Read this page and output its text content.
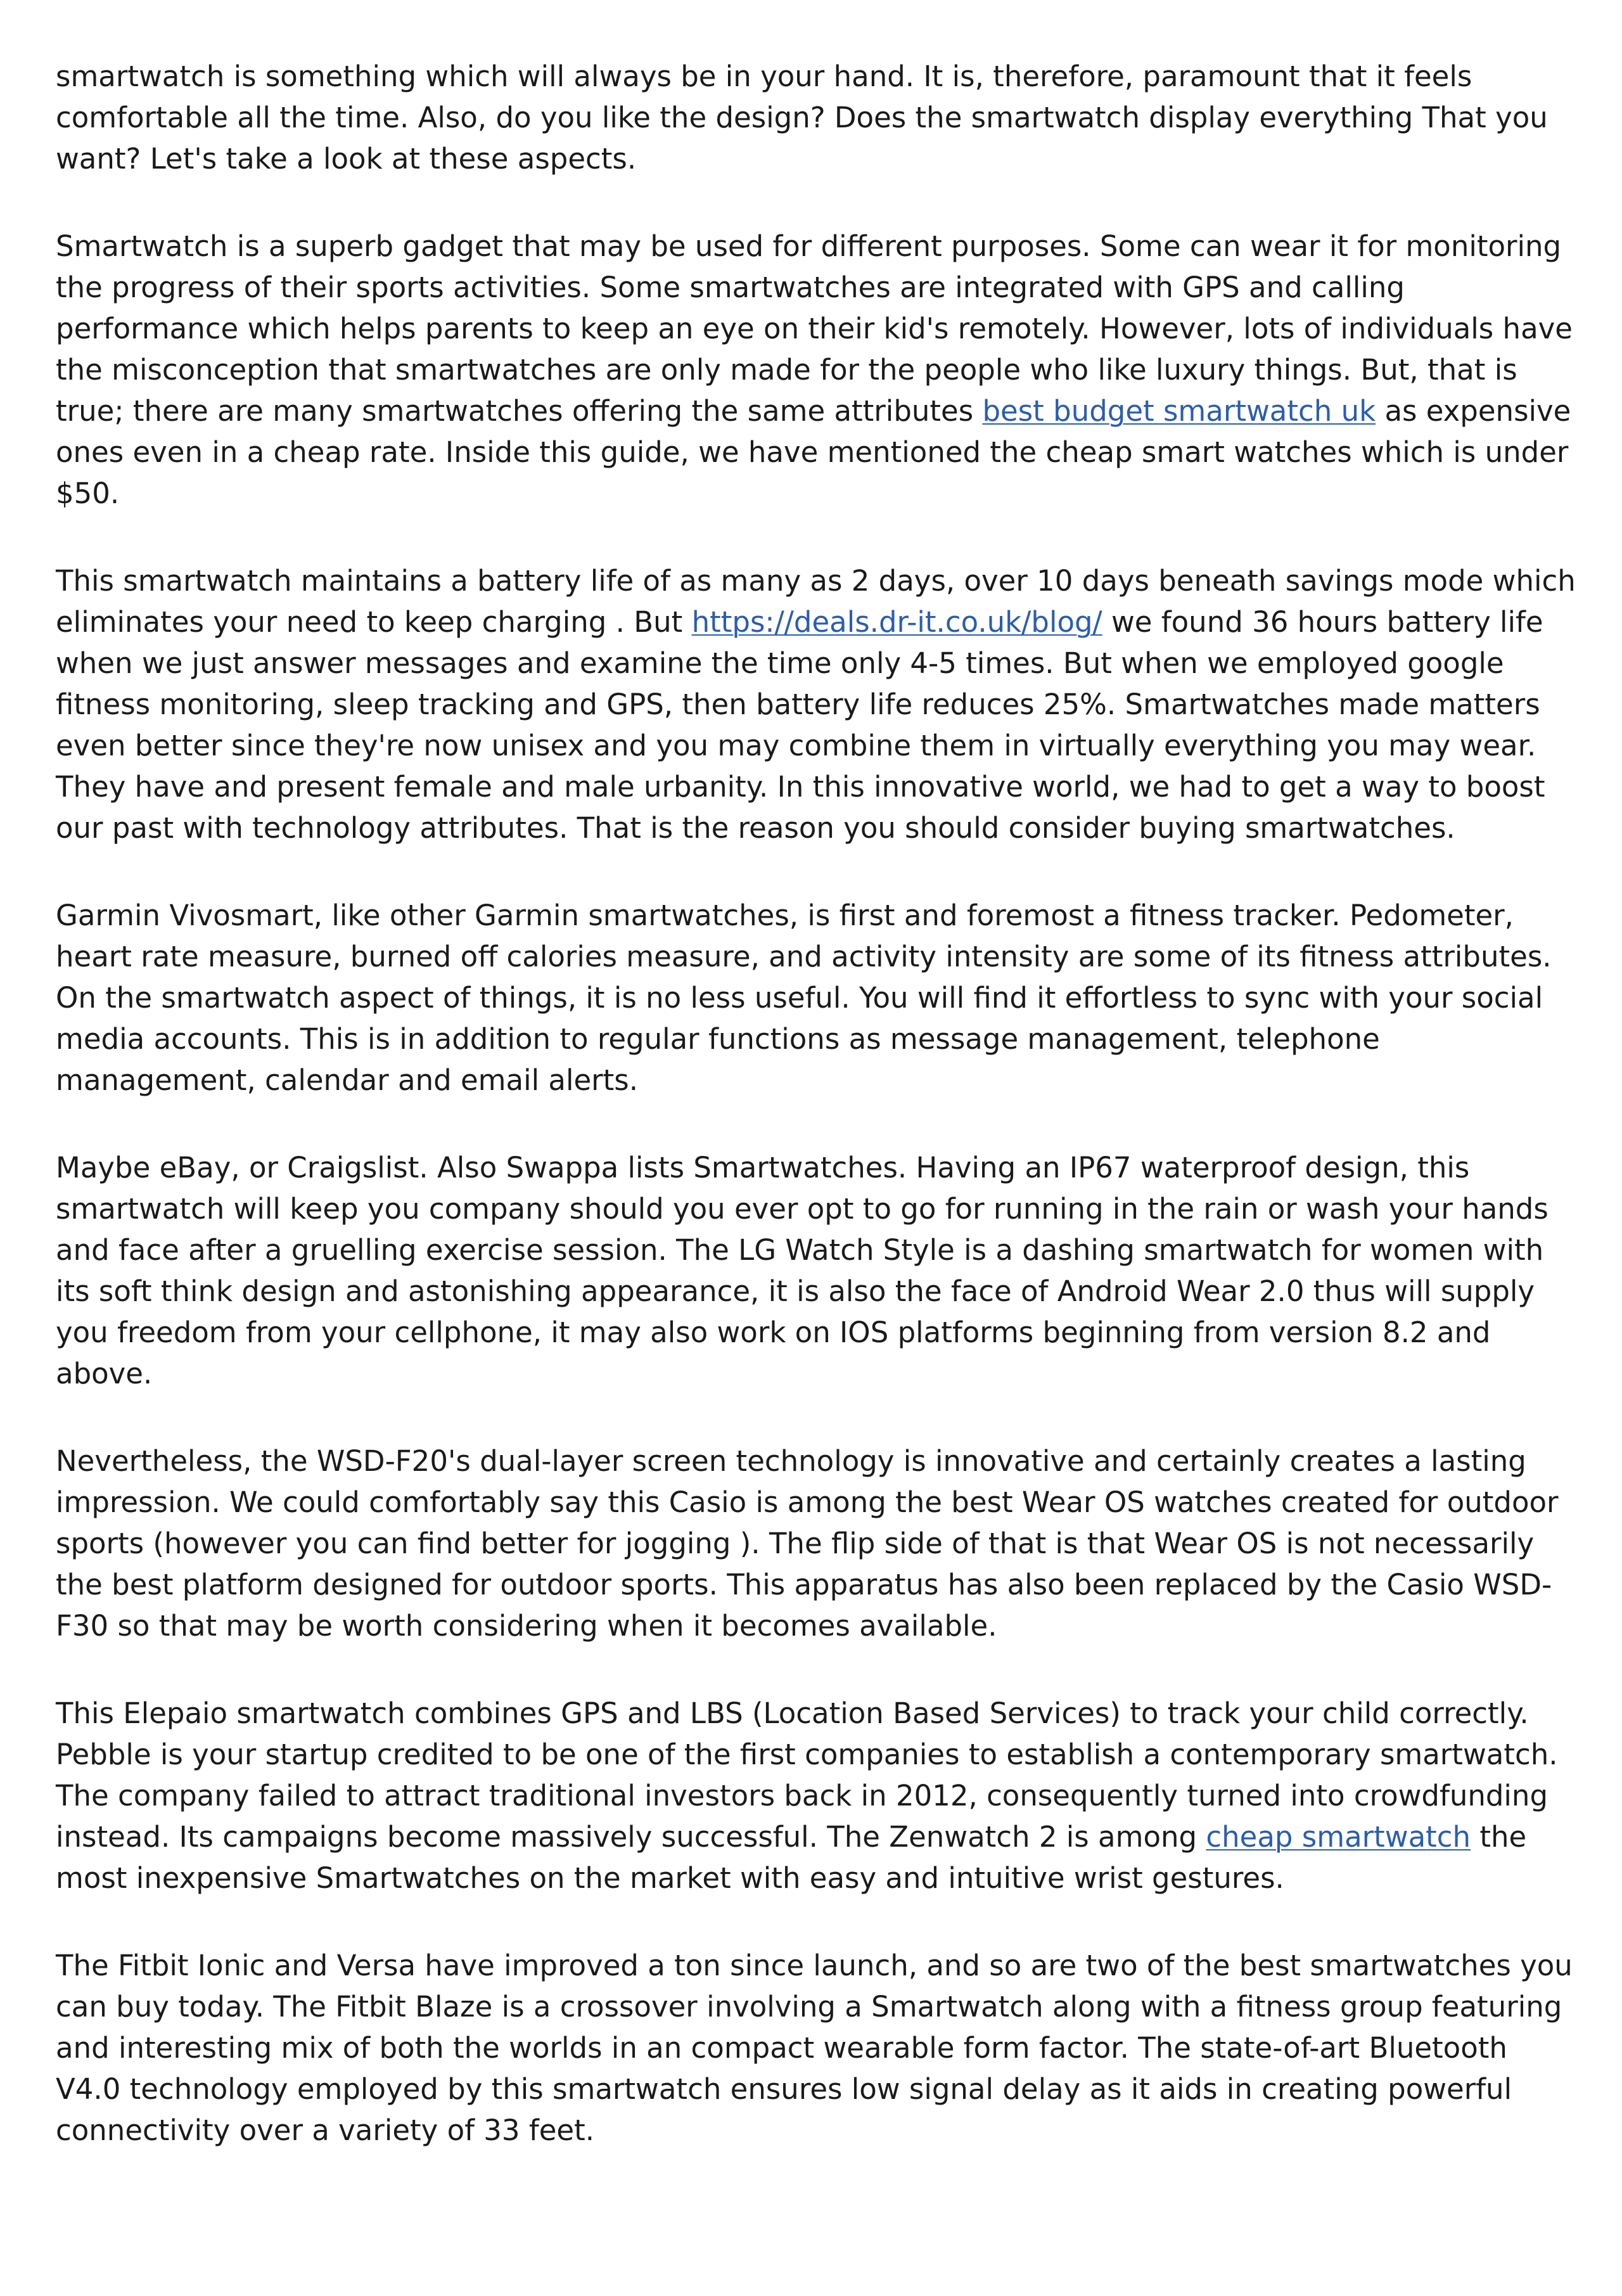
smartwatch is something which will always be in your hand. It is, therefore, paramount that it feels comfortable all the time. Also, do you like the design? Does the smartwatch display everything That you want? Let's take a look at these aspects.

Smartwatch is a superb gadget that may be used for different purposes. Some can wear it for monitoring the progress of their sports activities. Some smartwatches are integrated with GPS and calling performance which helps parents to keep an eye on their kid's remotely. However, lots of individuals have the misconception that smartwatches are only made for the people who like luxury things. But, that is true; there are many smartwatches offering the same attributes best budget smartwatch uk as expensive ones even in a cheap rate. Inside this guide, we have mentioned the cheap smart watches which is under $50.

This smartwatch maintains a battery life of as many as 2 days, over 10 days beneath savings mode which eliminates your need to keep charging . But https://deals.dr-it.co.uk/blog/ we found 36 hours battery life when we just answer messages and examine the time only 4-5 times. But when we employed google fitness monitoring, sleep tracking and GPS, then battery life reduces 25%. Smartwatches made matters even better since they're now unisex and you may combine them in virtually everything you may wear. They have and present female and male urbanity. In this innovative world, we had to get a way to boost our past with technology attributes. That is the reason you should consider buying smartwatches.

Garmin Vivosmart, like other Garmin smartwatches, is first and foremost a fitness tracker. Pedometer, heart rate measure, burned off calories measure, and activity intensity are some of its fitness attributes. On the smartwatch aspect of things, it is no less useful. You will find it effortless to sync with your social media accounts. This is in addition to regular functions as message management, telephone management, calendar and email alerts.

Maybe eBay, or Craigslist. Also Swappa lists Smartwatches. Having an IP67 waterproof design, this smartwatch will keep you company should you ever opt to go for running in the rain or wash your hands and face after a gruelling exercise session. The LG Watch Style is a dashing smartwatch for women with its soft think design and astonishing appearance, it is also the face of Android Wear 2.0 thus will supply you freedom from your cellphone, it may also work on IOS platforms beginning from version 8.2 and above.

Nevertheless, the WSD-F20's dual-layer screen technology is innovative and certainly creates a lasting impression. We could comfortably say this Casio is among the best Wear OS watches created for outdoor sports (however you can find better for jogging ). The flip side of that is that Wear OS is not necessarily the best platform designed for outdoor sports. This apparatus has also been replaced by the Casio WSD-F30 so that may be worth considering when it becomes available.

This Elepaio smartwatch combines GPS and LBS (Location Based Services) to track your child correctly. Pebble is your startup credited to be one of the first companies to establish a contemporary smartwatch. The company failed to attract traditional investors back in 2012, consequently turned into crowdfunding instead. Its campaigns become massively successful. The Zenwatch 2 is among cheap smartwatch the most inexpensive Smartwatches on the market with easy and intuitive wrist gestures.

The Fitbit Ionic and Versa have improved a ton since launch, and so are two of the best smartwatches you can buy today. The Fitbit Blaze is a crossover involving a Smartwatch along with a fitness group featuring and interesting mix of both the worlds in an compact wearable form factor. The state-of-art Bluetooth V4.0 technology employed by this smartwatch ensures low signal delay as it aids in creating powerful connectivity over a variety of 33 feet.
